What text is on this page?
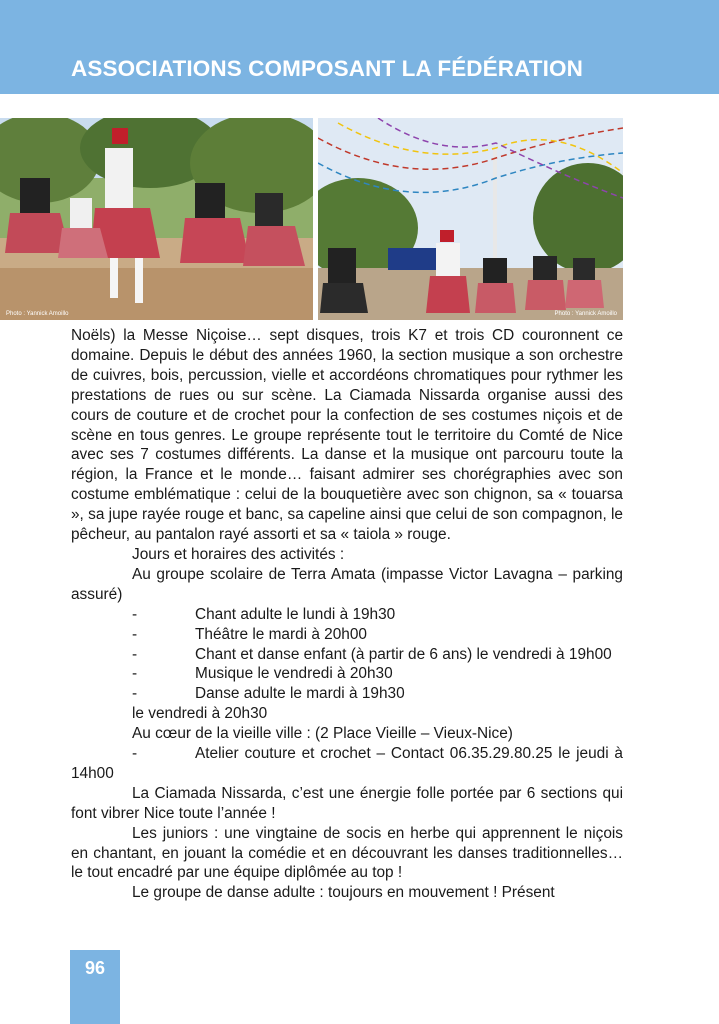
ASSOCIATIONS COMPOSANT LA FÉDÉRATION
Photo : Yannick Amoillo	Photo : Yannick Amoillo

Noëls) la Messe Niçoise… sept disques, trois K7 et trois CD couronnent ce domaine. Depuis le début des années 1960, la section musique a son orchestre de cuivres, bois, percussion, vielle et accordéons chromatiques pour rythmer les prestations de rues ou sur scène. La Ciamada Nissarda organise aussi des cours de couture et de crochet pour la confection de ses costumes niçois et de scène en tous genres. Le groupe représente tout le territoire du Comté de Nice avec ses 7 costumes différents. La danse et la musique ont parcouru toute la région, la France et le monde… faisant admirer ses chorégraphies avec son costume emblématique : celui de la bouquetière avec son chignon, sa « touarsa », sa jupe rayée rouge et banc, sa capeline ainsi que celui de son compagnon, le pêcheur, au pantalon rayé assorti et sa « taiola » rouge.

Jours et horaires des activités :

Au groupe scolaire de Terra Amata (impasse Victor Lavagna – parking assuré)

-	Chant adulte le lundi à 19h30
-	Théâtre le mardi à 20h00

-	Chant et danse enfant (à partir de 6 ans) le vendredi à 19h00

-	Musique le vendredi à 20h30
-	Danse adulte le mardi à 19h30

le vendredi à 20h30

Au cœur de la vieille ville : (2 Place Vieille – Vieux-Nice)

-	Atelier couture et crochet – Contact 06.35.29.80.25 le jeudi à 14h00

La Ciamada Nissarda, c’est une énergie folle portée par 6 sections qui font vibrer Nice toute l’année !

Les juniors : une vingtaine de socis en herbe qui apprennent le niçois en chantant, en jouant la comédie et en découvrant les danses traditionnelles… le tout encadré par une équipe diplômée au top !

Le groupe de danse adulte : toujours en mouvement ! Présent

96
